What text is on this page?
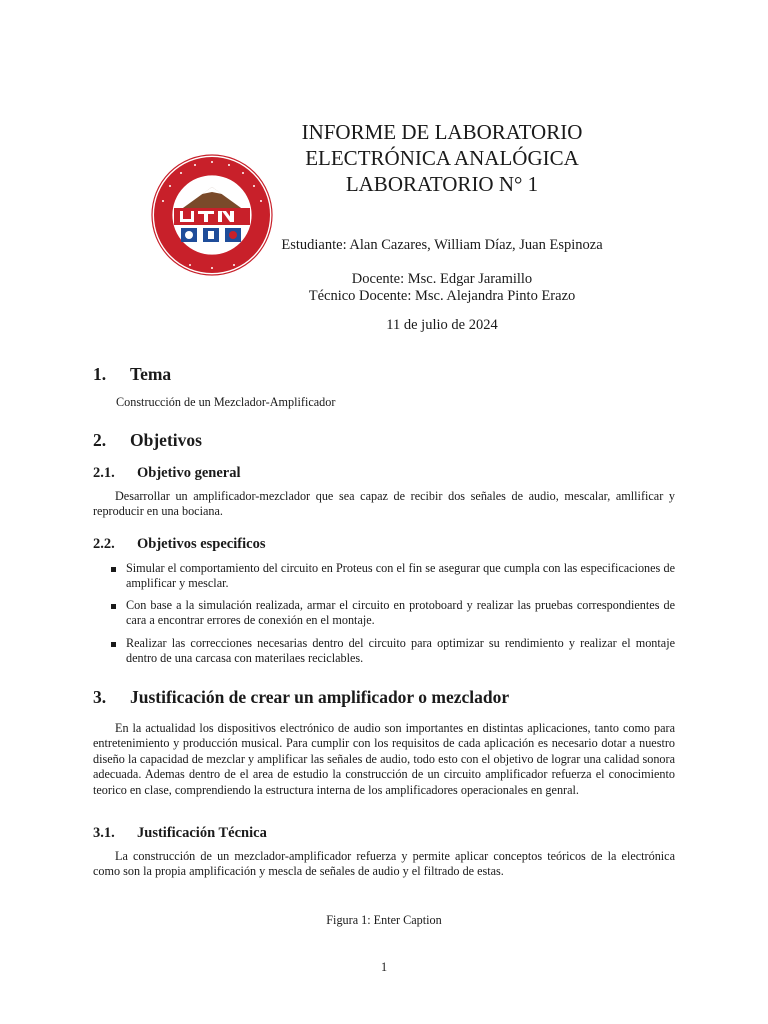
INFORME DE LABORATORIO
ELECTRÓNICA ANALÓGICA
LABORATORIO N° 1
Estudiante: Alan Cazares, William Díaz, Juan Espinoza
Docente: Msc. Edgar Jaramillo
Técnico Docente: Msc. Alejandra Pinto Erazo
11 de julio de 2024
1. Tema
Construcción de un Mezclador-Amplificador
2. Objetivos
2.1. Objetivo general
Desarrollar un amplificador-mezclador que sea capaz de recibir dos señales de audio, mescalar, amllificar y reproducir en una bociana.
2.2. Objetivos especificos
Simular el comportamiento del circuito en Proteus con el fin se asegurar que cumpla con las especificaciones de amplificar y mesclar.
Con base a la simulación realizada, armar el circuito en protoboard y realizar las pruebas correspondientes de cara a encontrar errores de conexión en el montaje.
Realizar las correcciones necesarias dentro del circuito para optimizar su rendimiento y realizar el montaje dentro de una carcasa con materilaes reciclables.
3. Justificación de crear un amplificador o mezclador
En la actualidad los dispositivos electrónico de audio son importantes en distintas aplicaciones, tanto como para entretenimiento y producción musical. Para cumplir con los requisitos de cada aplicación es necesario dotar a nuestro diseño la capacidad de mezclar y amplificar las señales de audio, todo esto con el objetivo de lograr una calidad sonora adecuada. Ademas dentro de el area de estudio la construcción de un circuito amplificador refuerza el conocimiento teorico en clase, comprendiendo la estructura interna de los amplificadores operacionales en genral.
3.1. Justificación Técnica
La construcción de un mezclador-amplificador refuerza y permite aplicar conceptos teóricos de la electrónica como son la propia amplificación y mescla de señales de audio y el filtrado de estas.
Figura 1: Enter Caption
1
